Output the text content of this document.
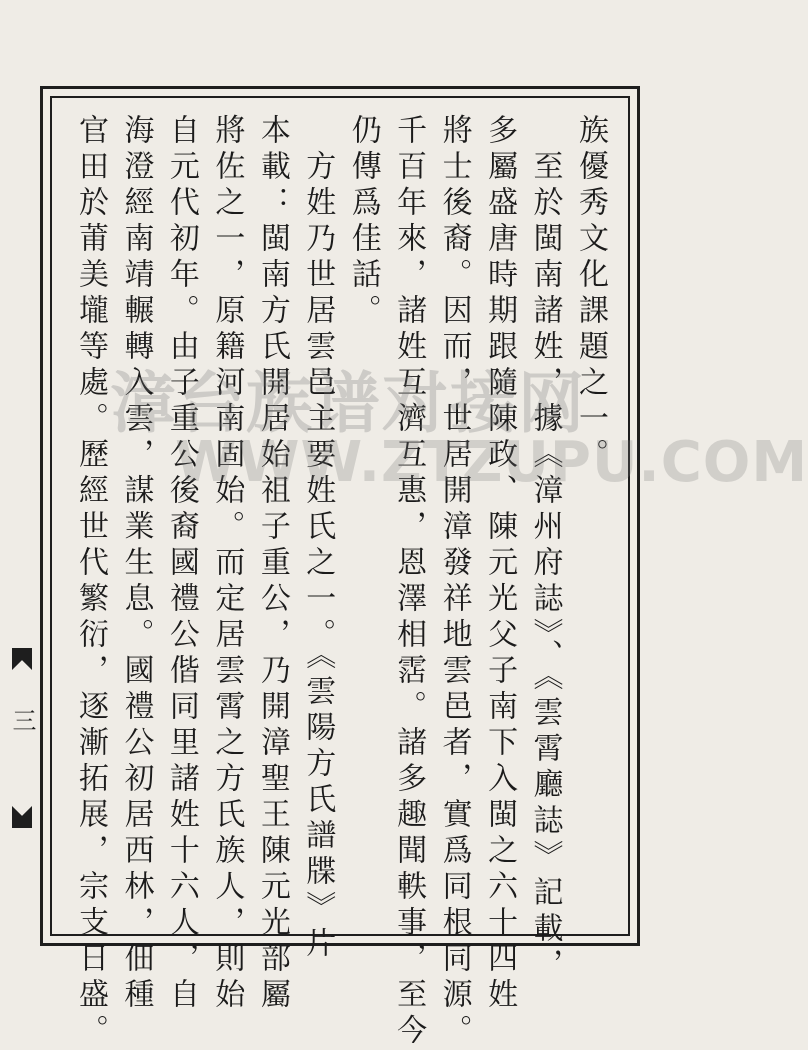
族優秀文化課題之一。
　至於閩南諸姓，據《漳州府誌》、《雲霄廳誌》記載，
多屬盛唐時期跟隨陳政、陳元光父子南下入閩之六十四姓
將士後裔。因而，世居開漳發祥地雲邑者，實爲同根同源。
千百年來，諸姓互濟互惠，恩澤相霑。諸多趣聞軼事，至今
仍傳爲佳話。
　方姓乃世居雲邑主要姓氏之一。《雲陽方氏譜牒》片
本載：閩南方氏開居始祖子重公，乃開漳聖王陳元光部屬
將佐之一，原籍河南固始。而定居雲霄之方氏族人，則始
自元代初年。由子重公後裔國禮公偕同里諸姓十六人，自
海澄經南靖輾轉入雲，謀業生息。國禮公初居西林，佃種
官田於莆美壠等處。歷經世代繁衍，逐漸拓展，宗支日盛。
三
漳台族谱对接网
WWW.ZTZUPU.COM
